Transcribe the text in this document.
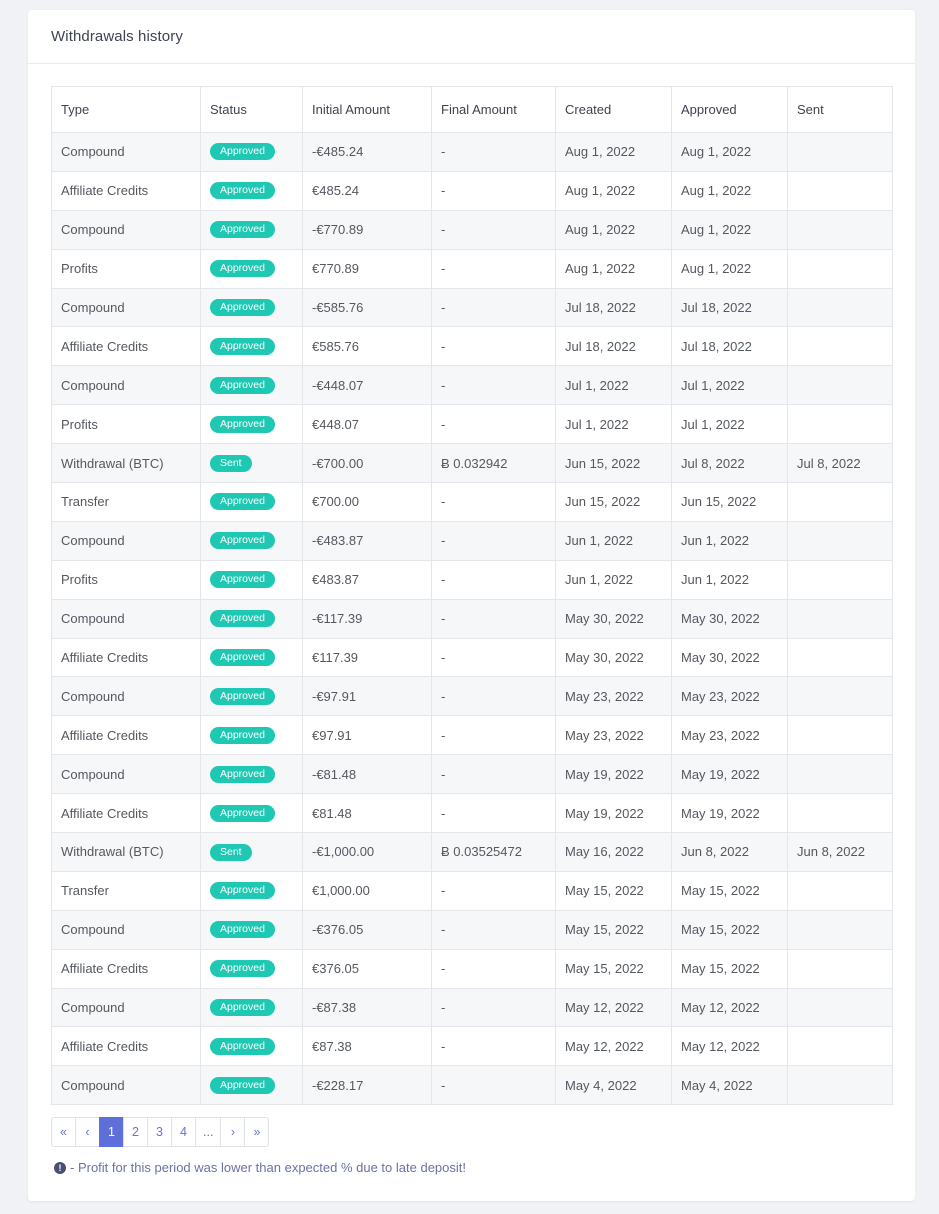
Withdrawals history
Type	Status	Initial Amount	Final Amount	Created	Approved	Sent
Compound	Approved	-€485.24	-	Aug 1, 2022	Aug 1, 2022	
Affiliate Credits	Approved	€485.24	-	Aug 1, 2022	Aug 1, 2022	
Compound	Approved	-€770.89	-	Aug 1, 2022	Aug 1, 2022	
Profits	Approved	€770.89	-	Aug 1, 2022	Aug 1, 2022	
Compound	Approved	-€585.76	-	Jul 18, 2022	Jul 18, 2022	
Affiliate Credits	Approved	€585.76	-	Jul 18, 2022	Jul 18, 2022	
Compound	Approved	-€448.07	-	Jul 1, 2022	Jul 1, 2022	
Profits	Approved	€448.07	-	Jul 1, 2022	Jul 1, 2022	
Withdrawal (BTC)	Sent	-€700.00	Ƀ 0.032942	Jun 15, 2022	Jul 8, 2022	Jul 8, 2022
Transfer	Approved	€700.00	-	Jun 15, 2022	Jun 15, 2022	
Compound	Approved	-€483.87	-	Jun 1, 2022	Jun 1, 2022	
Profits	Approved	€483.87	-	Jun 1, 2022	Jun 1, 2022	
Compound	Approved	-€117.39	-	May 30, 2022	May 30, 2022	
Affiliate Credits	Approved	€117.39	-	May 30, 2022	May 30, 2022	
Compound	Approved	-€97.91	-	May 23, 2022	May 23, 2022	
Affiliate Credits	Approved	€97.91	-	May 23, 2022	May 23, 2022	
Compound	Approved	-€81.48	-	May 19, 2022	May 19, 2022	
Affiliate Credits	Approved	€81.48	-	May 19, 2022	May 19, 2022	
Withdrawal (BTC)	Sent	-€1,000.00	Ƀ 0.03525472	May 16, 2022	Jun 8, 2022	Jun 8, 2022
Transfer	Approved	€1,000.00	-	May 15, 2022	May 15, 2022	
Compound	Approved	-€376.05	-	May 15, 2022	May 15, 2022	
Affiliate Credits	Approved	€376.05	-	May 15, 2022	May 15, 2022	
Compound	Approved	-€87.38	-	May 12, 2022	May 12, 2022	
Affiliate Credits	Approved	€87.38	-	May 12, 2022	May 12, 2022	
Compound	Approved	-€228.17	-	May 4, 2022	May 4, 2022	
«	‹	1	2	3	4	...	›	»
! - Profit for this period was lower than expected % due to late deposit!
